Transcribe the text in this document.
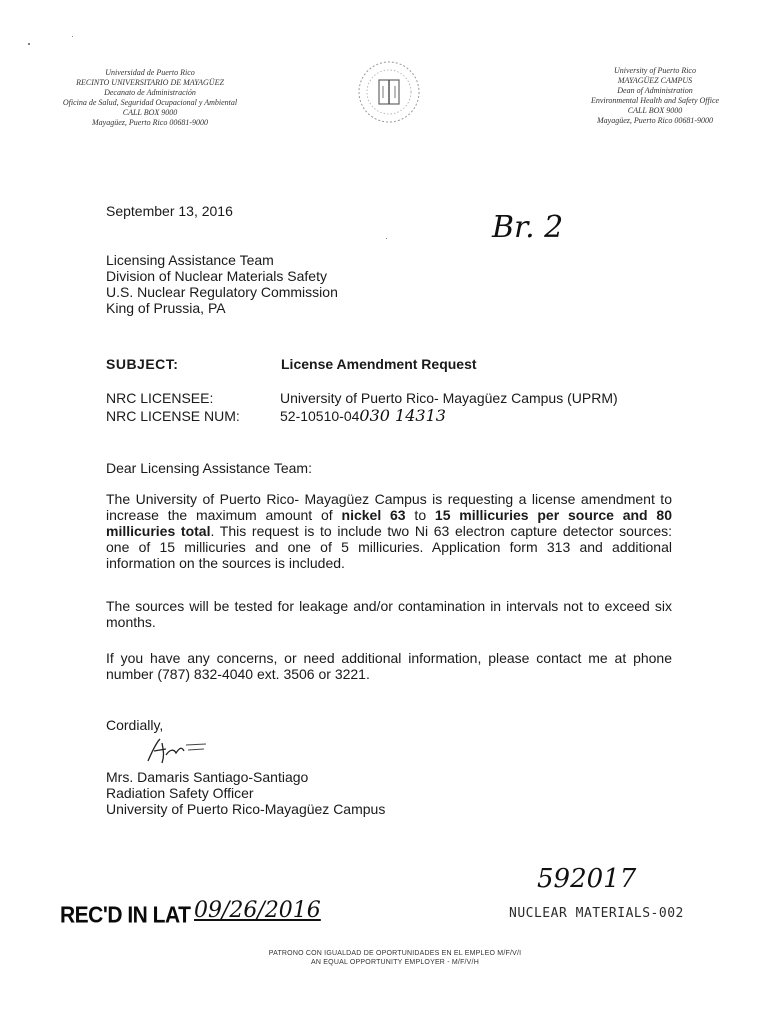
Universidad de Puerto Rico
RECINTO UNIVERSITARIO DE MAYAGÜEZ
Decanato de Administración
Oficina de Salud, Seguridad Ocupacional y Ambiental
CALL BOX 9000
Mayagüez, Puerto Rico 00681-9000
University of Puerto Rico
MAYAGÜEZ CAMPUS
Dean of Administration
Environmental Health and Safety Office
CALL BOX 9000
Mayagüez, Puerto Rico 00681-9000
September 13, 2016	Br. 2
Licensing Assistance Team
Division of Nuclear Materials Safety
U.S. Nuclear Regulatory Commission
King of Prussia, PA
SUBJECT:	License Amendment Request
NRC LICENSEE:	University of Puerto Rico- Mayagüez Campus (UPRM)
NRC LICENSE NUM:	52-10510-04030 14313
Dear Licensing Assistance Team:
The University of Puerto Rico- Mayagüez Campus is requesting a license amendment to increase the maximum amount of nickel 63 to 15 millicuries per source and 80 millicuries total. This request is to include two Ni 63 electron capture detector sources: one of 15 millicuries and one of 5 millicuries. Application form 313 and additional information on the sources is included.
The sources will be tested for leakage and/or contamination in intervals not to exceed six months.
If you have any concerns, or need additional information, please contact me at phone number (787) 832-4040 ext. 3506 or 3221.
Cordially,
Mrs. Damaris Santiago-Santiago
Radiation Safety Officer
University of Puerto Rico-Mayagüez Campus
592017
NUCLEAR MATERIALS-002
REC'D IN LAT 09/26/2016
PATRONO CON IGUALDAD DE OPORTUNIDADES EN EL EMPLEO M/F/V/I
AN EQUAL OPPORTUNITY EMPLOYER - M/F/V/H
